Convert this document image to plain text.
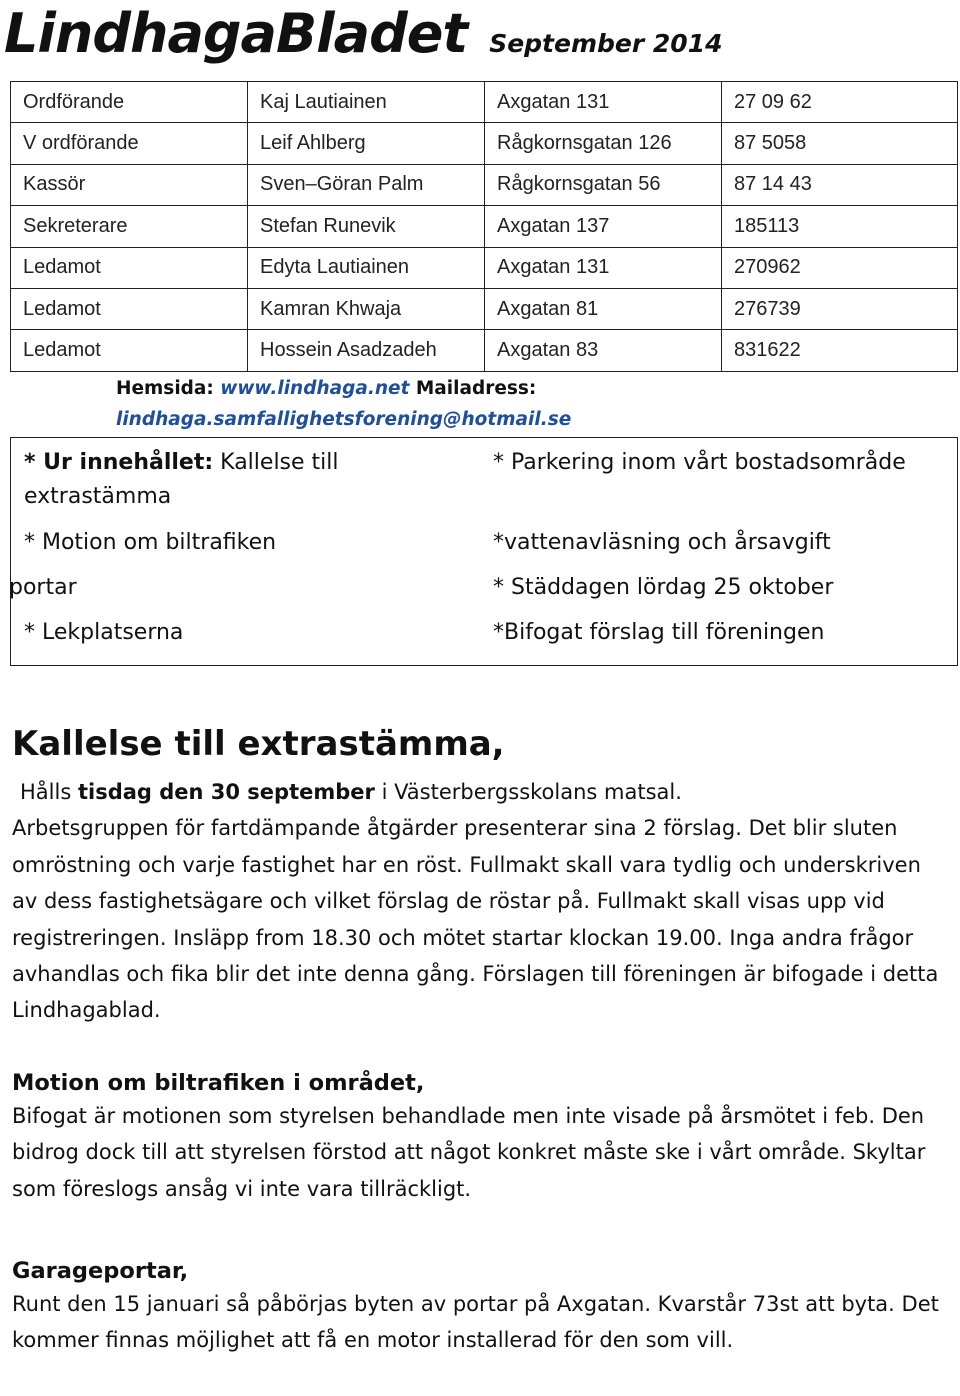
LindhagaBladet September 2014
Ordförande	Kaj Lautiainen	Axgatan 131	27 09 62
V ordförande	Leif Ahlberg	Rågkornsgatan 126	87 5058
Kassör	Sven–Göran Palm	Rågkornsgatan 56	87 14 43
Sekreterare	Stefan Runevik	Axgatan 137	185113
Ledamot	Edyta Lautiainen	Axgatan 131	270962
Ledamot	Kamran Khwaja	Axgatan 81	276739
Ledamot	Hossein Asadzadeh	Axgatan 83	831622
Hemsida: www.lindhaga.net Mailadress:
lindhaga.samfallighetsforening@hotmail.se
* Ur innehållet: Kallelse till
extrastämma
* Motion om biltrafiken
portar
* Lekplatserna
* Parkering inom vårt bostadsområde
*vattenavläsning och årsavgift
* Städdagen lördag 25 oktober
*Bifogat förslag till föreningen
Kallelse till extrastämma,
Hålls tisdag den 30 september i Västerbergsskolans matsal.
Arbetsgruppen för fartdämpande åtgärder presenterar sina 2 förslag. Det blir sluten omröstning och varje fastighet har en röst. Fullmakt skall vara tydlig och underskriven av dess fastighetsägare och vilket förslag de röstar på. Fullmakt skall visas upp vid registreringen. Insläpp from 18.30 och mötet startar klockan 19.00. Inga andra frågor avhandlas och fika blir det inte denna gång. Förslagen till föreningen är bifogade i detta Lindhagablad.
Motion om biltrafiken i området,
Bifogat är motionen som styrelsen behandlade men inte visade på årsmötet i feb. Den bidrog dock till att styrelsen förstod att något konkret måste ske i vårt område. Skyltar som föreslogs ansåg vi inte vara tillräckligt.
Garageportar,
Runt den 15 januari så påbörjas byten av portar på Axgatan. Kvarstår 73st att byta. Det kommer finnas möjlighet att få en motor installerad för den som vill.
